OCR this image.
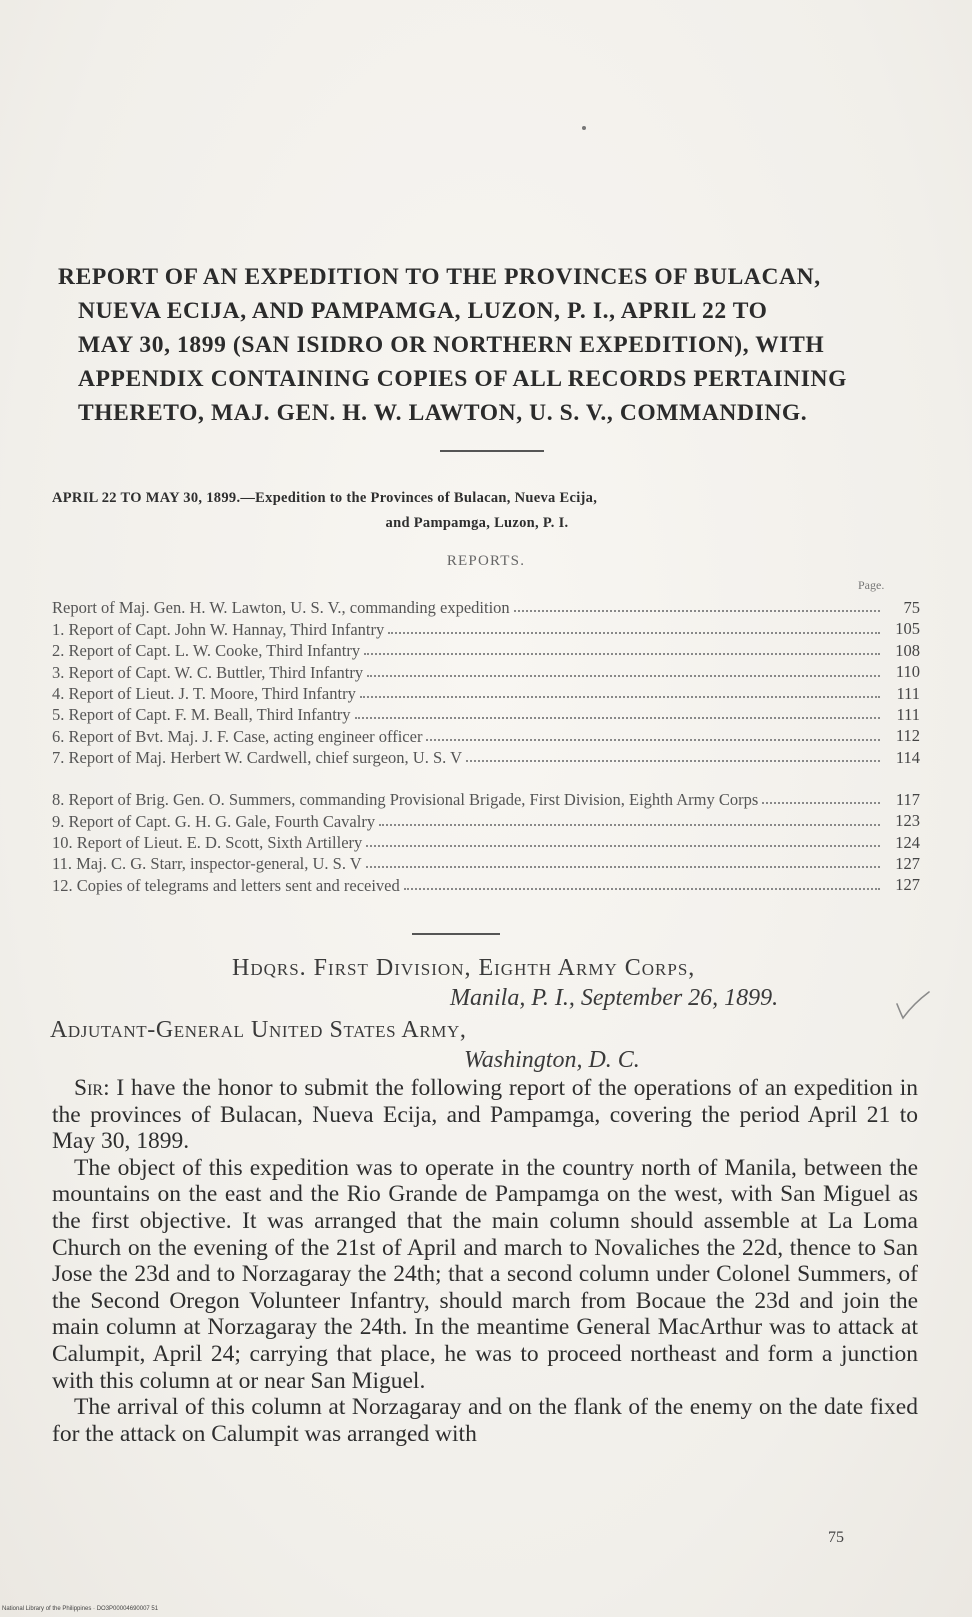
REPORT OF AN EXPEDITION TO THE PROVINCES OF BULACAN,
NUEVA ECIJA, AND PAMPAMGA, LUZON, P. I., APRIL 22 TO
MAY 30, 1899 (SAN ISIDRO OR NORTHERN EXPEDITION), WITH
APPENDIX CONTAINING COPIES OF ALL RECORDS PERTAINING
THERETO, MAJ. GEN. H. W. LAWTON, U. S. V., COMMANDING.
APRIL 22 TO MAY 30, 1899.—Expedition to the Provinces of Bulacan, Nueva Ecija,
and Pampamga, Luzon, P. I.
REPORTS.
Page.
Report of Maj. Gen. H. W. Lawton, U. S. V., commanding expedition	75
1. Report of Capt. John W. Hannay, Third Infantry	105
2. Report of Capt. L. W. Cooke, Third Infantry	108
3. Report of Capt. W. C. Buttler, Third Infantry	110
4. Report of Lieut. J. T. Moore, Third Infantry	111
5. Report of Capt. F. M. Beall, Third Infantry	111
6. Report of Bvt. Maj. J. F. Case, acting engineer officer	112
7. Report of Maj. Herbert W. Cardwell, chief surgeon, U. S. V	114
8. Report of Brig. Gen. O. Summers, commanding Provisional Brigade, First Division, Eighth Army Corps	117
9. Report of Capt. G. H. G. Gale, Fourth Cavalry	123
10. Report of Lieut. E. D. Scott, Sixth Artillery	124
11. Maj. C. G. Starr, inspector-general, U. S. V	127
12. Copies of telegrams and letters sent and received	127
Hdqrs. First Division, Eighth Army Corps,
Manila, P. I., September 26, 1899.
Adjutant-General United States Army,
Washington, D. C.

Sir: I have the honor to submit the following report of the operations of an expedition in the provinces of Bulacan, Nueva Ecija, and Pampamga, covering the period April 21 to May 30, 1899.

The object of this expedition was to operate in the country north of Manila, between the mountains on the east and the Rio Grande de Pampamga on the west, with San Miguel as the first objective. It was arranged that the main column should assemble at La Loma Church on the evening of the 21st of April and march to Novaliches the 22d, thence to San Jose the 23d and to Norzagaray the 24th; that a second column under Colonel Summers, of the Second Oregon Volunteer Infantry, should march from Bocaue the 23d and join the main column at Norzagaray the 24th. In the meantime General MacArthur was to attack at Calumpit, April 24; carrying that place, he was to proceed northeast and form a junction with this column at or near San Miguel.

The arrival of this column at Norzagaray and on the flank of the enemy on the date fixed for the attack on Calumpit was arranged with

75
National Library of the Philippines · DO3P00004690007 51
